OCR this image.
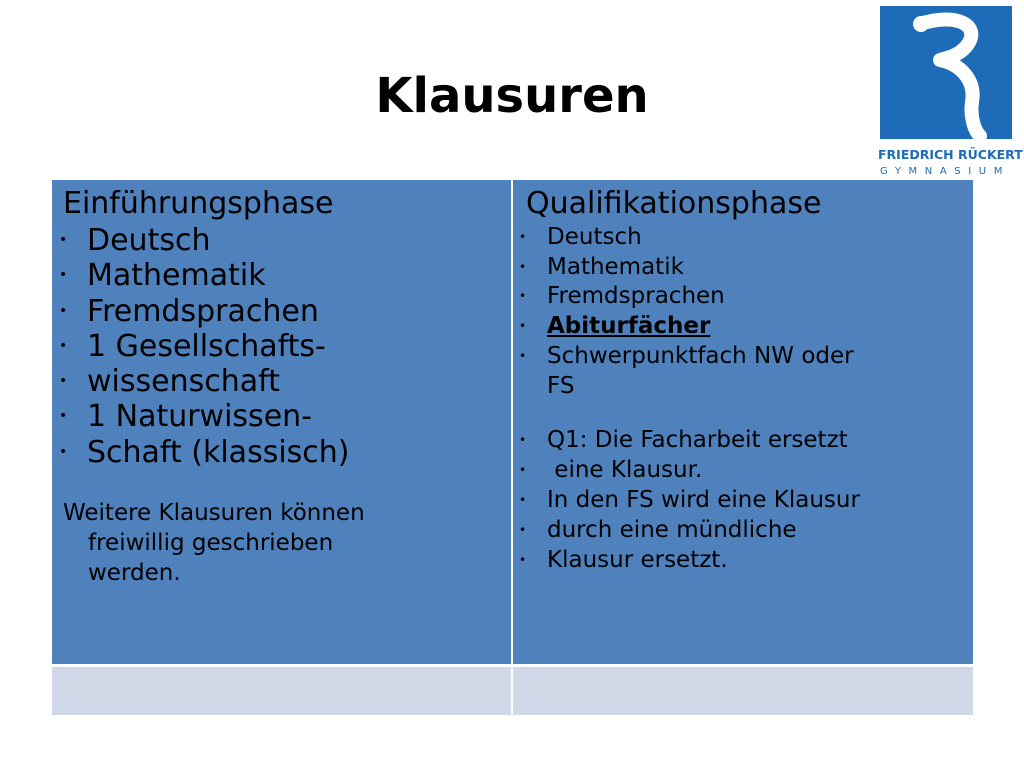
Klausuren
FRIEDRICH RÜCKERT
GYMNASIUM
Einführungsphase
• Deutsch
• Mathematik
• Fremdsprachen
• 1 Gesellschafts-
• wissenschaft
• 1 Naturwissen-
• Schaft (klassisch)
Weitere Klausuren können
freiwillig geschrieben
werden.
Qualifikationsphase
• Deutsch
• Mathematik
• Fremdsprachen
• Abiturfächer
• Schwerpunktfach NW oder
FS
• Q1: Die Facharbeit ersetzt
• eine Klausur.
• In den FS wird eine Klausur
• durch eine mündliche
• Klausur ersetzt.
